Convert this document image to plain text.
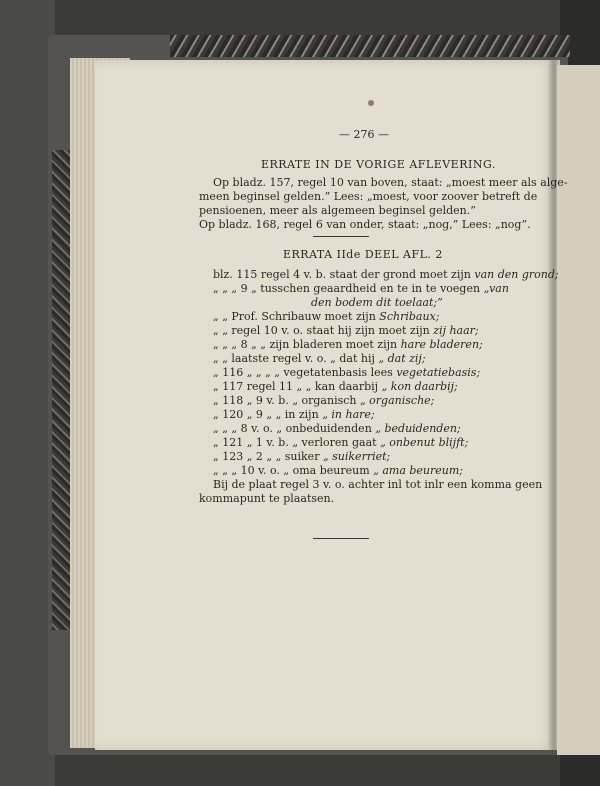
— 276 —
ERRATE IN DE VORIGE AFLEVERING.
Op bladz. 157, regel 10 van boven, staat: „moest meer als alge-
meen beginsel gelden.” Lees: „moest, voor zoover betreft de
pensioenen, meer als algemeen beginsel gelden.”
Op bladz. 168, regel 6 van onder, staat: „nog,” Lees: „nog”.
ERRATA IIde DEEL AFL. 2
blz. 115 regel 4 v. b. staat der grond moet zijn van den grond;
„ „ „ 9 „ tusschen geaardheid en te in te voegen „van
den bodem dit toelaat;”
„ „ Prof. Schribauw moet zijn Schribaux;
„ „ regel 10 v. o. staat hij zijn moet zijn zij haar;
„ „ „ 8 „ „ zijn bladeren moet zijn hare bladeren;
„ „ laatste regel v. o. „ dat hij „ dat zij;
„ 116 „ „ „ „ vegetatenbasis lees vegetatiebasis;
„ 117 regel 11 „ „ kan daarbij „ kon daarbij;
„ 118 „ 9 v. b. „ organisch „ organische;
„ 120 „ 9 „ „ in zijn „ in hare;
„ „ „ 8 v. o. „ onbeduidenden „ beduidenden;
„ 121 „ 1 v. b. „ verloren gaat „ onbenut blijft;
„ 123 „ 2 „ „ suiker „ suikerriet;
„ „ „ 10 v. o. „ oma beureum „ ama beureum;
Bij de plaat regel 3 v. o. achter inl tot inlr een komma geen
kommapunt te plaatsen.
